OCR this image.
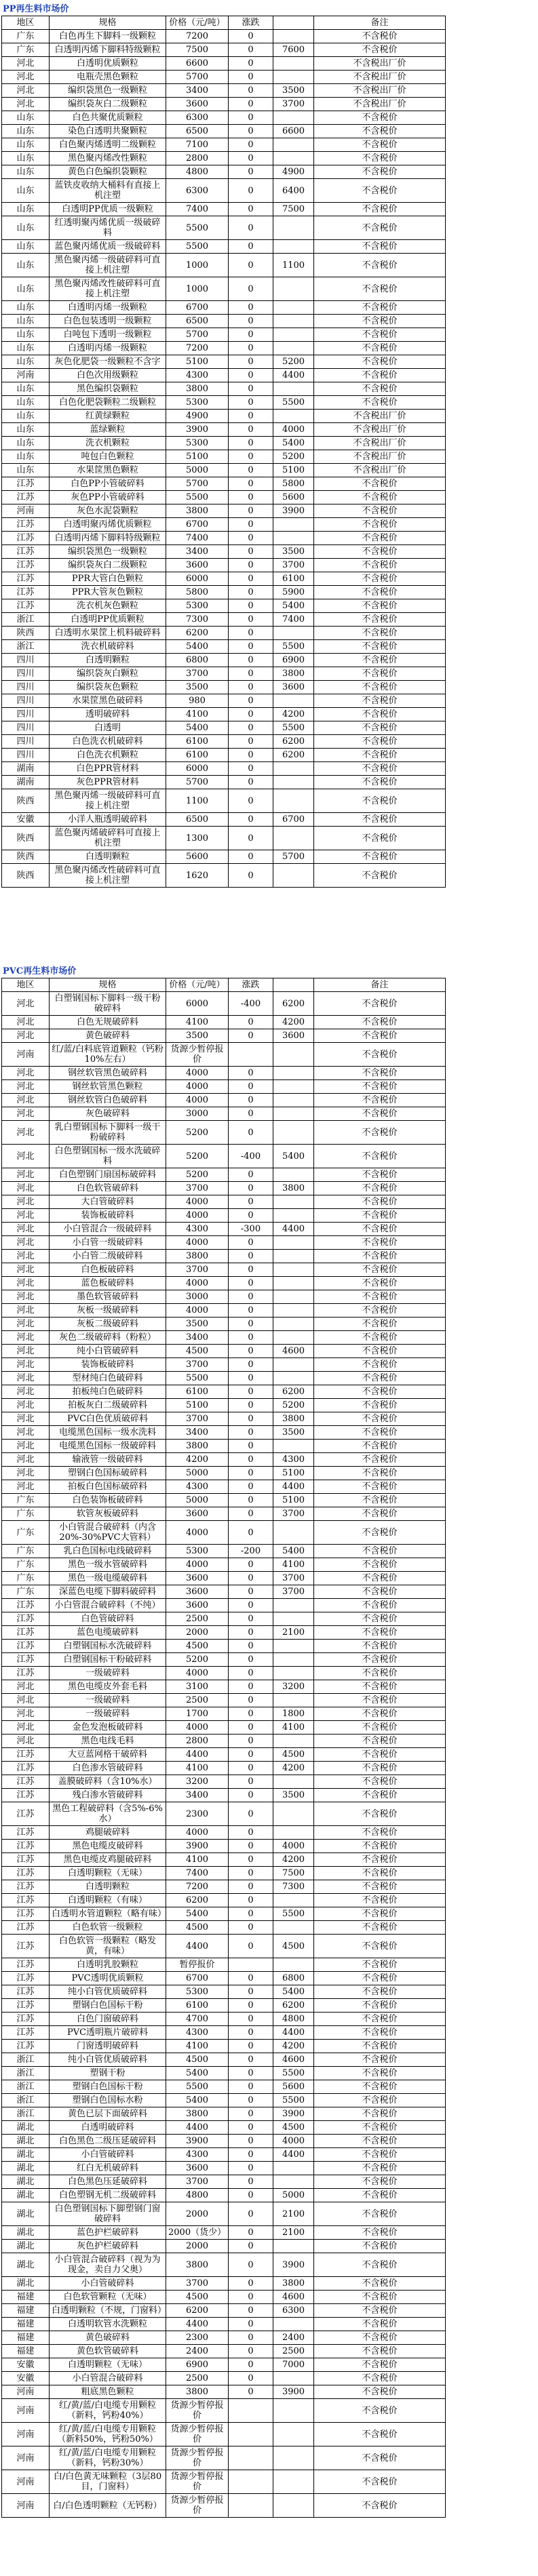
PP再生料市场价
地区	规格	价格（元/吨）	涨跌		备注
广东	白色再生下脚料一级颗粒	7200	0		不含税价
广东	白透明丙烯下脚料特级颗粒	7500	0	7600	不含税价
河北	白透明优质颗粒	6600	0		不含税出厂价
河北	电瓶壳黑色颗粒	5700	0		不含税出厂价
河北	编织袋黑色一级颗粒	3400	0	3500	不含税出厂价
河北	编织袋灰白二级颗粒	3600	0	3700	不含税出厂价
山东	白色共聚优质颗粒	6300	0		不含税价
山东	染色白透明共聚颗粒	6500	0	6600	不含税价
山东	白色聚丙烯透明二级颗粒	7100	0		不含税价
山东	黑色聚丙烯改性颗粒	2800	0		不含税价
山东	黄色白色编织袋颗粒	4800	0	4900	不含税价
山东	蓝铁皮收纳大桶料有直接上机注塑	6300	0	6400	不含税价
山东	白透明PP优质一级颗粒	7400	0	7500	不含税价
山东	红透明聚丙烯优质一级破碎料	5500	0		不含税价
山东	蓝色聚丙烯优质一级破碎料	5500	0		不含税价
山东	黑色聚丙烯一级破碎料可直接上机注塑	1000	0	1100	不含税价
山东	黑色聚丙烯改性破碎料可直接上机注塑	1000	0		不含税价
山东	白透明丙烯一级颗粒	6700	0		不含税价
山东	白色包装透明一级颗粒	6500	0		不含税价
山东	白吨包下透明一级颗粒	5700	0		不含税价
山东	白透明丙烯一级颗粒	7200	0		不含税价
山东	灰色化肥袋一级颗粒不含字	5100	0	5200	不含税价
河南	白色次用级颗粒	4300	0	4400	不含税价
山东	黑色编织袋颗粒	3800	0		不含税价
山东	白色化肥袋颗粒二级颗粒	5300	0	5500	不含税价
山东	红黄绿颗粒	4900	0		不含税出厂价
山东	蓝绿颗粒	3900	0	4000	不含税出厂价
山东	洗衣机颗粒	5300	0	5400	不含税出厂价
山东	吨包白色颗粒	5100	0	5200	不含税出厂价
山东	水果筐黑色颗粒	5000	0	5100	不含税出厂价
江苏	白色PP小管破碎料	5700	0	5800	不含税价
江苏	灰色PP小管破碎料	5500	0	5600	不含税价
河南	灰色水泥袋颗粒	3800	0	3900	不含税价
江苏	白透明聚丙烯优质颗粒	6700	0		不含税价
江苏	白透明丙烯下脚料特级颗粒	7400	0		不含税价
江苏	编织袋黑色一级颗粒	3400	0	3500	不含税价
江苏	编织袋灰白二级颗粒	3600	0	3700	不含税价
江苏	PPR大管白色颗粒	6000	0	6100	不含税价
江苏	PPR大管灰色颗粒	5800	0	5900	不含税价
江苏	洗衣机灰色颗粒	5300	0	5400	不含税价
浙江	白透明PP优质颗粒	7300	0	7400	不含税价
陕西	白透明水果筐上机料破碎料	6200	0		不含税价
浙江	洗衣机破碎料	5400	0	5500	不含税价
四川	白透明颗粒	6800	0	6900	不含税价
四川	编织袋灰白颗粒	3700	0	3800	不含税价
四川	编织袋灰色颗粒	3500	0	3600	不含税价
四川	水果筐黑色破碎料	980	0		不含税价
四川	透明破碎料	4100	0	4200	不含税价
四川	白透明	5400	0	5500	不含税价
四川	白色洗衣机破碎料	6100	0	6200	不含税价
四川	白色洗衣机颗粒	6100	0	6200	不含税价
湖南	白色PPR管材料	6000	0		不含税价
湖南	灰色PPR管材料	5700	0		不含税价
陕西	黑色聚丙烯一级破碎料可直接上机注塑	1100	0		不含税价
安徽	小洋人瓶透明破碎料	6500	0	6700	不含税价
陕西	蓝色聚丙烯破碎料可直接上机注塑	1300	0		不含税价
陕西	白透明颗粒	5600	0	5700	不含税价
陕西	黑色聚丙烯改性破碎料可直接上机注塑	1620	0		不含税价
PVC再生料市场价
地区	规格	价格（元/吨）	涨跌		备注
河北	白塑钢国标下脚料一级干粉破碎料	6000	-400	6200	不含税价
河北	白色无规破碎料	4100	0	4200	不含税价
河北	黄色破碎料	3500	0	3600	不含税价
河南	红/蓝/白料底管道颗粒（钙粉10%左右）	货源少暂停报价			不含税价
河北	钢丝软管黑色破碎料	4000	0		不含税价
河北	钢丝软管黑色颗粒	4000	0		不含税价
河北	钢丝软管白色破碎料	4000	0		不含税价
河北	灰色破碎料	3000	0		不含税价
河北	乳白塑钢国标下脚料一级干粉破碎料	5200	0		不含税价
河北	白色塑钢国标一级水洗破碎料	5200	-400	5400	不含税价
河北	白色塑钢门扇国标破碎料	5200	0		不含税价
河北	白色软管破碎料	3700	0	3800	不含税价
河北	大白管破碎料	4000	0		不含税价
河北	装饰板破碎料	4000	0		不含税价
河北	小白管混合一级破碎料	4300	-300	4400	不含税价
河北	小白管一级破碎料	4000	0		不含税价
河北	小白管二级破碎料	3800	0		不含税价
河北	白色板破碎料	3700	0		不含税价
河北	蓝色板破碎料	4000	0		不含税价
河北	墨色软管破碎料	3000	0		不含税价
河北	灰板一级破碎料	4000	0		不含税价
河北	灰板二级破碎料	3500	0		不含税价
河北	灰色二级破碎料（粉粒）	3400	0		不含税价
河北	纯小白管破碎料	4500	0	4600	不含税价
河北	装饰板破碎料	3700	0		不含税价
河北	型材纯白色破碎料	5500	0		不含税价
河北	拍板纯白色破碎料	6100	0	6200	不含税价
河北	拍板灰白二级破碎料	5100	0	5200	不含税价
河北	PVC白色优质破碎料	3700	0	3800	不含税价
河北	电缆黑色国标一级水洗料	3400	0	3500	不含税价
河北	电缆黑色国标一级破碎料	3800	0		不含税价
河北	输液管一级破碎料	4200	0	4300	不含税价
河北	塑钢白色国标破碎料	5000	0	5100	不含税价
河北	拍板白色国标破碎料	4300	0	4400	不含税价
广东	白色装饰板破碎料	5000	0	5100	不含税价
广东	软管灰板破碎料	3600	0	3700	不含税价
广东	小白管混合破碎料（内含20%-30%PVC大管料）	4000	0		不含税价
广东	乳白色国标电线破碎料	5300	-200	5400	不含税价
广东	黑色一级水管破碎料	4000	0	4100	不含税价
广东	黑色一级电缆破碎料	3600	0	3700	不含税价
广东	深蓝色电缆下脚料破碎料	3600	0	3700	不含税价
江苏	小白管混合破碎料（不纯）	3600	0		不含税价
江苏	白色管破碎料	2500	0		不含税价
江苏	蓝色电缆破碎料	2000	0	2100	不含税价
江苏	白塑钢国标水洗破碎料	4500	0		不含税价
江苏	白塑钢国标干粉破碎料	5200	0		不含税价
江苏	一级破碎料	4000	0		不含税价
河北	黑色电缆皮外套毛料	3100	0	3200	不含税价
河北	一级破碎料	2500	0		不含税价
河北	一级破碎料	1700	0	1800	不含税价
河北	金色发泡板破碎料	4000	0	4100	不含税价
河北	黑色电线毛料	2800	0		不含税价
江苏	大豆蓝网格干破碎料	4400	0	4500	不含税价
江苏	白色渗水管破碎料	4100	0	4200	不含税价
江苏	盖膜破碎料（含10%水）	3200	0		不含税价
江苏	残白渗水管破碎料	3400	0	3500	不含税价
江苏	黑色工程破碎料（含5%-6%水）	2300	0		不含税价
江苏	鸡腿破碎料	4000	0		不含税价
江苏	黑色电缆皮破碎料	3900	0	4000	不含税价
江苏	黑色电缆皮鸡腿破碎料	4100	0	4200	不含税价
江苏	白透明颗粒（无味）	7400	0	7500	不含税价
江苏	白透明颗粒	7200	0	7300	不含税价
江苏	白透明颗粒（有味）	6200	0		不含税价
江苏	白透明水管道颗粒（略有味）	5400	0	5500	不含税价
江苏	白色软管一级颗粒	4500	0		不含税价
江苏	白色软管一级颗粒（略发黄，有味）	4400	0	4500	不含税价
江苏	白透明乳胶颗粒	暂停报价			不含税价
江苏	PVC透明优质颗粒	6700	0	6800	不含税价
江苏	纯小白管优质破碎料	5300	0	5400	不含税价
江苏	塑钢白色国标干粉	6100	0	6200	不含税价
江苏	白色门窗破碎料	4700	0	4800	不含税价
江苏	PVC透明瓶片破碎料	4300	0	4400	不含税价
江苏	门窗透明破碎料	4100	0	4200	不含税价
浙江	纯小白管优质破碎料	4500	0	4600	不含税价
浙江	塑钢干粉	5400	0	5500	不含税价
浙江	塑钢白色国标干粉	5500	0	5600	不含税价
浙江	塑钢白色国标水粉	5400	0	5500	不含税价
浙江	黄色已层下面破碎料	3800	0	3900	不含税价
湖北	白透明破碎料	4400	0	4500	不含税价
湖北	白色黑色二级压延破碎料	3900	0	4000	不含税价
湖北	小白管破碎料	4300	0	4400	不含税价
湖北	红白无机破碎料	3600	0		不含税价
湖北	白色黑色压延破碎料	3700	0		不含税价
湖北	白色塑钢无机二级破碎料	4800	0	5000	不含税价
湖北	白色塑钢国标下脚塑钢门窗破碎料	2000	0	2100	不含税价
湖北	蓝色护栏破碎料	2000（货少）	0	2100	不含税价
湖北	灰色护栏破碎料	2000	0		不含税价
湖北	小白管混合破碎料（视为为现金，卖自力父奥）	3800	0	3900	不含税价
湖北	小白管破碎料	3700	0	3800	不含税价
福建	白色软管颗粒（无味）	4500	0	4600	不含税价
福建	白透明颗粒（不规，门窗料）	6200	0	6300	不含税价
福建	白透明软管水洗颗粒	4400	0		不含税价
福建	黄色破碎料	2300	0	2400	不含税价
福建	黄色软管破碎料	2400	0	2500	不含税价
安徽	白透明颗粒（无味）	6900	0	7000	不含税价
安徽	小白管混合破碎料	2500	0		不含税价
河南	粗底黑色颗粒	3800	0	3900	不含税价
河南	红/黄/蓝/白电缆专用颗粒（新料，钙粉40%）	货源少暂停报价			不含税价
河南	红/黄/蓝/白电缆专用颗粒（新料50%，钙粉50%）	货源少暂停报价			不含税价
河南	红/黄/蓝/白电缆专用颗粒（新料，钙粉30%）	货源少暂停报价			不含税价
河南	白/白色黄无味颗粒（3层80目，门窗料）	货源少暂停报价			不含税价
河南	白/白色透明颗粒（无钙粉）	货源少暂停报价			不含税价
